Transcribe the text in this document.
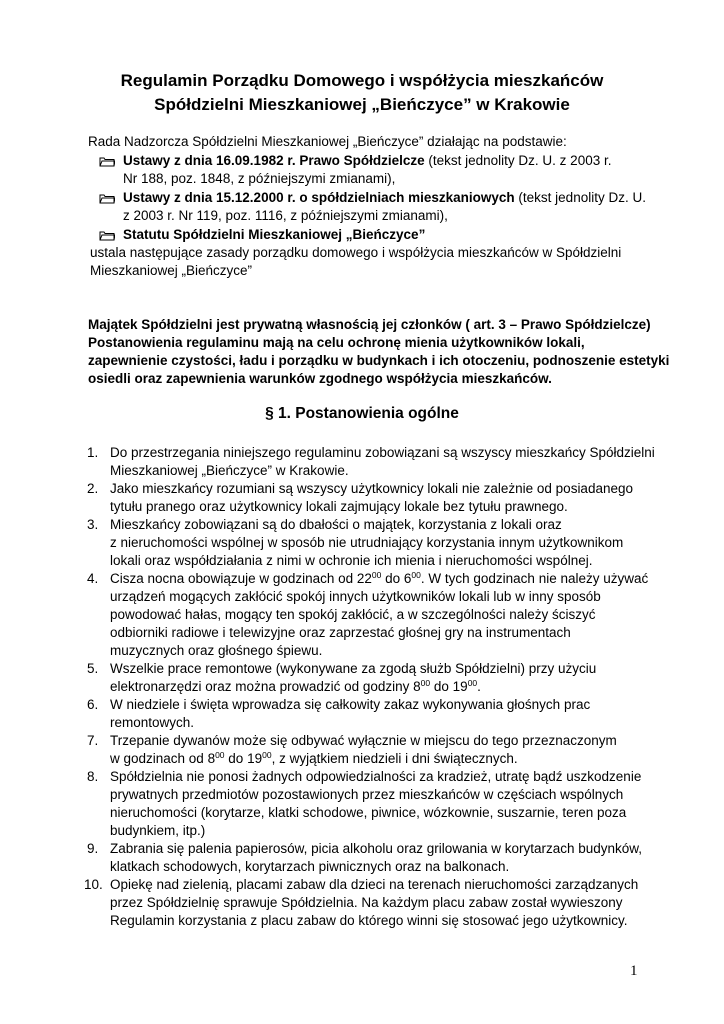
Regulamin Porządku Domowego i współżycia mieszkańców
Spółdzielni Mieszkaniowej „Bieńczyce” w Krakowie
Rada Nadzorcza Spółdzielni Mieszkaniowej „Bieńczyce” działając na podstawie:
Ustawy z dnia 16.09.1982 r. Prawo Spółdzielcze (tekst jednolity Dz. U. z 2003 r.
Nr 188, poz. 1848, z późniejszymi zmianami),
Ustawy z dnia 15.12.2000 r. o spółdzielniach mieszkaniowych (tekst jednolity Dz. U.
z 2003 r. Nr 119, poz. 1116, z późniejszymi zmianami),
Statutu Spółdzielni Mieszkaniowej „Bieńczyce”
ustala następujące zasady porządku domowego i współżycia mieszkańców w Spółdzielni
Mieszkaniowej „Bieńczyce”
Majątek Spółdzielni jest prywatną własnością jej członków ( art. 3 – Prawo Spółdzielcze)
Postanowienia regulaminu mają na celu ochronę mienia użytkowników lokali,
zapewnienie czystości, ładu i porządku w budynkach i ich otoczeniu, podnoszenie estetyki
osiedli oraz zapewnienia warunków zgodnego współżycia mieszkańców.
§ 1. Postanowienia ogólne
1. Do przestrzegania niniejszego regulaminu zobowiązani są wszyscy mieszkańcy Spółdzielni
Mieszkaniowej „Bieńczyce” w Krakowie.
2. Jako mieszkańcy rozumiani są wszyscy użytkownicy lokali nie zależnie od posiadanego
tytułu pranego oraz użytkownicy lokali zajmujący lokale bez tytułu prawnego.
3. Mieszkańcy zobowiązani są do dbałości o majątek, korzystania z lokali oraz
z nieruchomości wspólnej w sposób nie utrudniający korzystania innym użytkownikom
lokali oraz współdziałania z nimi w ochronie ich mienia i nieruchomości wspólnej.
4. Cisza nocna obowiązuje w godzinach od $22^{00}$ do $6^{00}$. W tych godzinach nie należy używać
urządzeń mogących zakłócić spokój innych użytkowników lokali lub w inny sposób
powodować hałas, mogący ten spokój zakłócić, a w szczególności należy ściszyć
odbiorniki radiowe i telewizyjne oraz zaprzestać głośnej gry na instrumentach
muzycznych oraz głośnego śpiewu.
5. Wszelkie prace remontowe (wykonywane za zgodą służb Spółdzielni) przy użyciu
elektronarzędzi oraz można prowadzić od godziny $8^{00}$ do $19^{00}$.
6. W niedziele i święta wprowadza się całkowity zakaz wykonywania głośnych prac
remontowych.
7. Trzepanie dywanów może się odbywać wyłącznie w miejscu do tego przeznaczonym
w godzinach od $8^{00}$ do $19^{00}$, z wyjątkiem niedzieli i dni świątecznych.
8. Spółdzielnia nie ponosi żadnych odpowiedzialności za kradzież, utratę bądź uszkodzenie
prywatnych przedmiotów pozostawionych przez mieszkańców w częściach wspólnych
nieruchomości (korytarze, klatki schodowe, piwnice, wózkownie, suszarnie, teren poza
budynkiem, itp.)
9. Zabrania się palenia papierosów, picia alkoholu oraz grilowania w korytarzach budynków,
klatkach schodowych, korytarzach piwnicznych oraz na balkonach.
10. Opiekę nad zielenią, placami zabaw dla dzieci na terenach nieruchomości zarządzanych
przez Spółdzielnię sprawuje Spółdzielnia. Na każdym placu zabaw został wywieszony
Regulamin korzystania z placu zabaw do którego winni się stosować jego użytkownicy.
1
